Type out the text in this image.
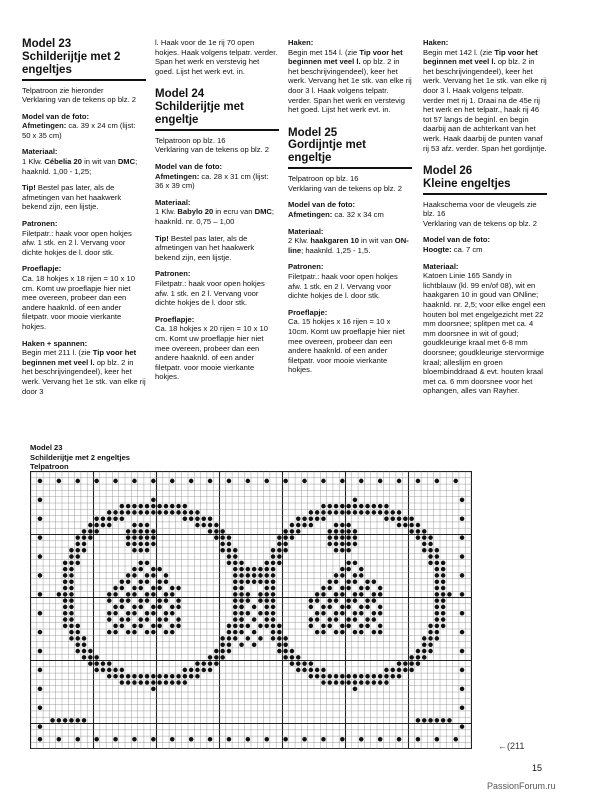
Model 23
Schilderijtje met 2 engeltjes
Telpatroon zie hieronder
Verklaring van de tekens op blz. 2
Model van de foto:
Afmetingen: ca. 39 x 24 cm (lijst: 50 x 35 cm)
Materiaal:
1 Klw. Cébelia 20 in wit van DMC; haaknld. 1,00 - 1,25;
Tip! Bestel pas later, als de afmetingen van het haakwerk bekend zijn, een lijstje.
Patronen:
Filetpatr.: haak voor open hokjes afw. 1 stk. en 2 l. Vervang voor dichte hokjes de l. door stk.
Proeflapje:
Ca. 18 hokjes x 18 rijen = 10 x 10 cm. Komt uw proeflapje hier niet mee overeen, probeer dan een andere haaknld. of een ander filetpatr. voor mooie vierkante hokjes.
Haken + spannen:
Begin met 211 l. (zie Tip voor het beginnen met veel l. op blz. 2 in het beschrijvingendeel), keer het werk. Vervang het 1e stk. van elke rij door 3
l. Haak voor de 1e rij 70 open hokjes. Haak volgens telpatr. verder. Span het werk en verstevig het goed. Lijst het werk evt. in.
Model 24
Schilderijtje met engeltje
Telpatroon op blz. 16
Verklaring van de tekens op blz. 2
Model van de foto:
Afmetingen: ca. 28 x 31 cm (lijst: 36 x 39 cm)
Materiaal:
1 Klw. Babylo 20 in ecru van DMC; haaknld. nr. 0,75 – 1,00
Tip! Bestel pas later, als de afmetingen van het haakwerk bekend zijn, een lijstje.
Patronen:
Filetpatr.: haak voor open hokjes afw. 1 stk. en 2 l. Vervang voor dichte hokjes de l. door stk.
Proeflapje:
Ca. 18 hokjes x 20 rijen = 10 x 10 cm. Komt uw proeflapje hier niet mee overeen, probeer dan een andere haaknld. of een ander filetpatr. voor mooie vierkante hokjes.
Haken:
Begin met 154 l. (zie Tip voor het beginnen met veel l. op blz. 2 in het beschrijvingendeel), keer het werk. Vervang het 1e stk. van elke rij door 3 l. Haak volgens telpatr. verder. Span het werk en verstevig het goed. Lijst het werk evt. in.
Model 25
Gordijntje met engeltje
Telpatroon op blz. 16
Verklaring van de tekens op blz. 2
Model van de foto:
Afmetingen: ca. 32 x 34 cm
Materiaal:
2 Klw. haakgaren 10 in wit van ON-line; haaknld. 1,25 - 1,5.
Patronen:
Filetpatr.: haak voor open hokjes afw. 1 stk. en 2 l. Vervang voor dichte hokjes de l. door stk.
Proeflapje:
Ca. 15 hokjes x 16 rijen = 10 x 10cm. Komt uw proeflapje hier niet mee overeen, probeer dan een andere haaknld. of een ander filetpatr. voor mooie vierkante hokjes.
Haken:
Begin met 142 l. (zie Tip voor het beginnen met veel l. op blz. 2 in het beschrijvingendeel), keer het werk. Vervang het 1e stk. van elke rij door 3 l. Haak volgens telpatr. verder met rij 1. Draai na de 45e rij het werk en het telpatr., haak rij 46 tot 57 langs de beginl. en begin daarbij aan de achterkant van het werk. Haak daarbij de punten vanaf rij 53 afz. verder. Span het gordijntje.
Model 26
Kleine engeltjes
Haakschema voor de vleugels zie blz. 16
Verklaring van de tekens op blz. 2
Model van de foto:
Hoogte: ca. 7 cm
Materiaal:
Katoen Linie 165 Sandy in lichtblauw (kl. 99 en/of 08), wit en haakgaren 10 in goud van ONline; haaknld. nr. 2,5; voor elke engel een houten bol met engelgezicht met 22 mm doorsnee; splitpen met ca. 4 mm doorsnee in wit of goud; goudkleurige kraal met 6-8 mm doorsnee; goudkleurige stervormige kraal; alleslijm en groen bloembinddraad & evt. houten kraal met ca. 6 mm doorsnee voor het ophangen, alles van Rayher.
Model 23
Schilderijtje met 2 engeltjes
Telpatroon
←(211
15
PassionForum.ru
